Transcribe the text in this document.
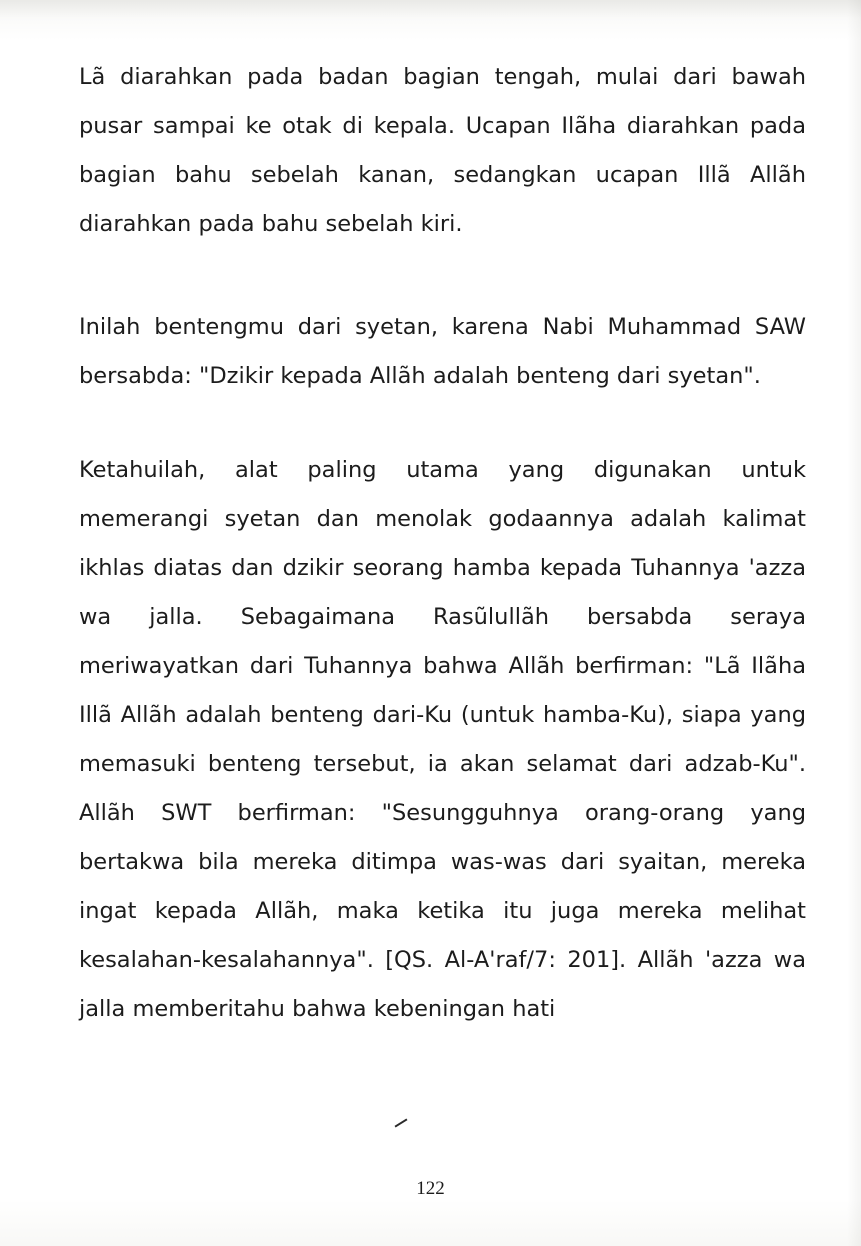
Lã diarahkan pada badan bagian tengah, mulai dari bawah pusar sampai ke otak di kepala. Ucapan Ilãha diarahkan pada bagian bahu sebelah kanan, sedangkan ucapan Illã Allãh diarahkan pada bahu sebelah kiri.

Inilah bentengmu dari syetan, karena Nabi Muhammad SAW bersabda: "Dzikir kepada Allãh adalah benteng dari syetan".

Ketahuilah, alat paling utama yang digunakan untuk memerangi syetan dan menolak godaannya adalah kalimat ikhlas diatas dan dzikir seorang hamba kepada Tuhannya 'azza wa jalla. Sebagaimana Rasũlullãh bersabda seraya meriwayatkan dari Tuhannya bahwa Allãh berfirman: "Lã Ilãha Illã Allãh adalah benteng dari-Ku (untuk hamba-Ku), siapa yang memasuki benteng tersebut, ia akan selamat dari adzab-Ku". Allãh SWT berfirman: "Sesungguhnya orang-orang yang bertakwa bila mereka ditimpa was-was dari syaitan, mereka ingat kepada Allãh, maka ketika itu juga mereka melihat kesalahan-kesalahannya". [QS. Al-A'raf/7: 201]. Allãh 'azza wa jalla memberitahu bahwa kebeningan hati

122
